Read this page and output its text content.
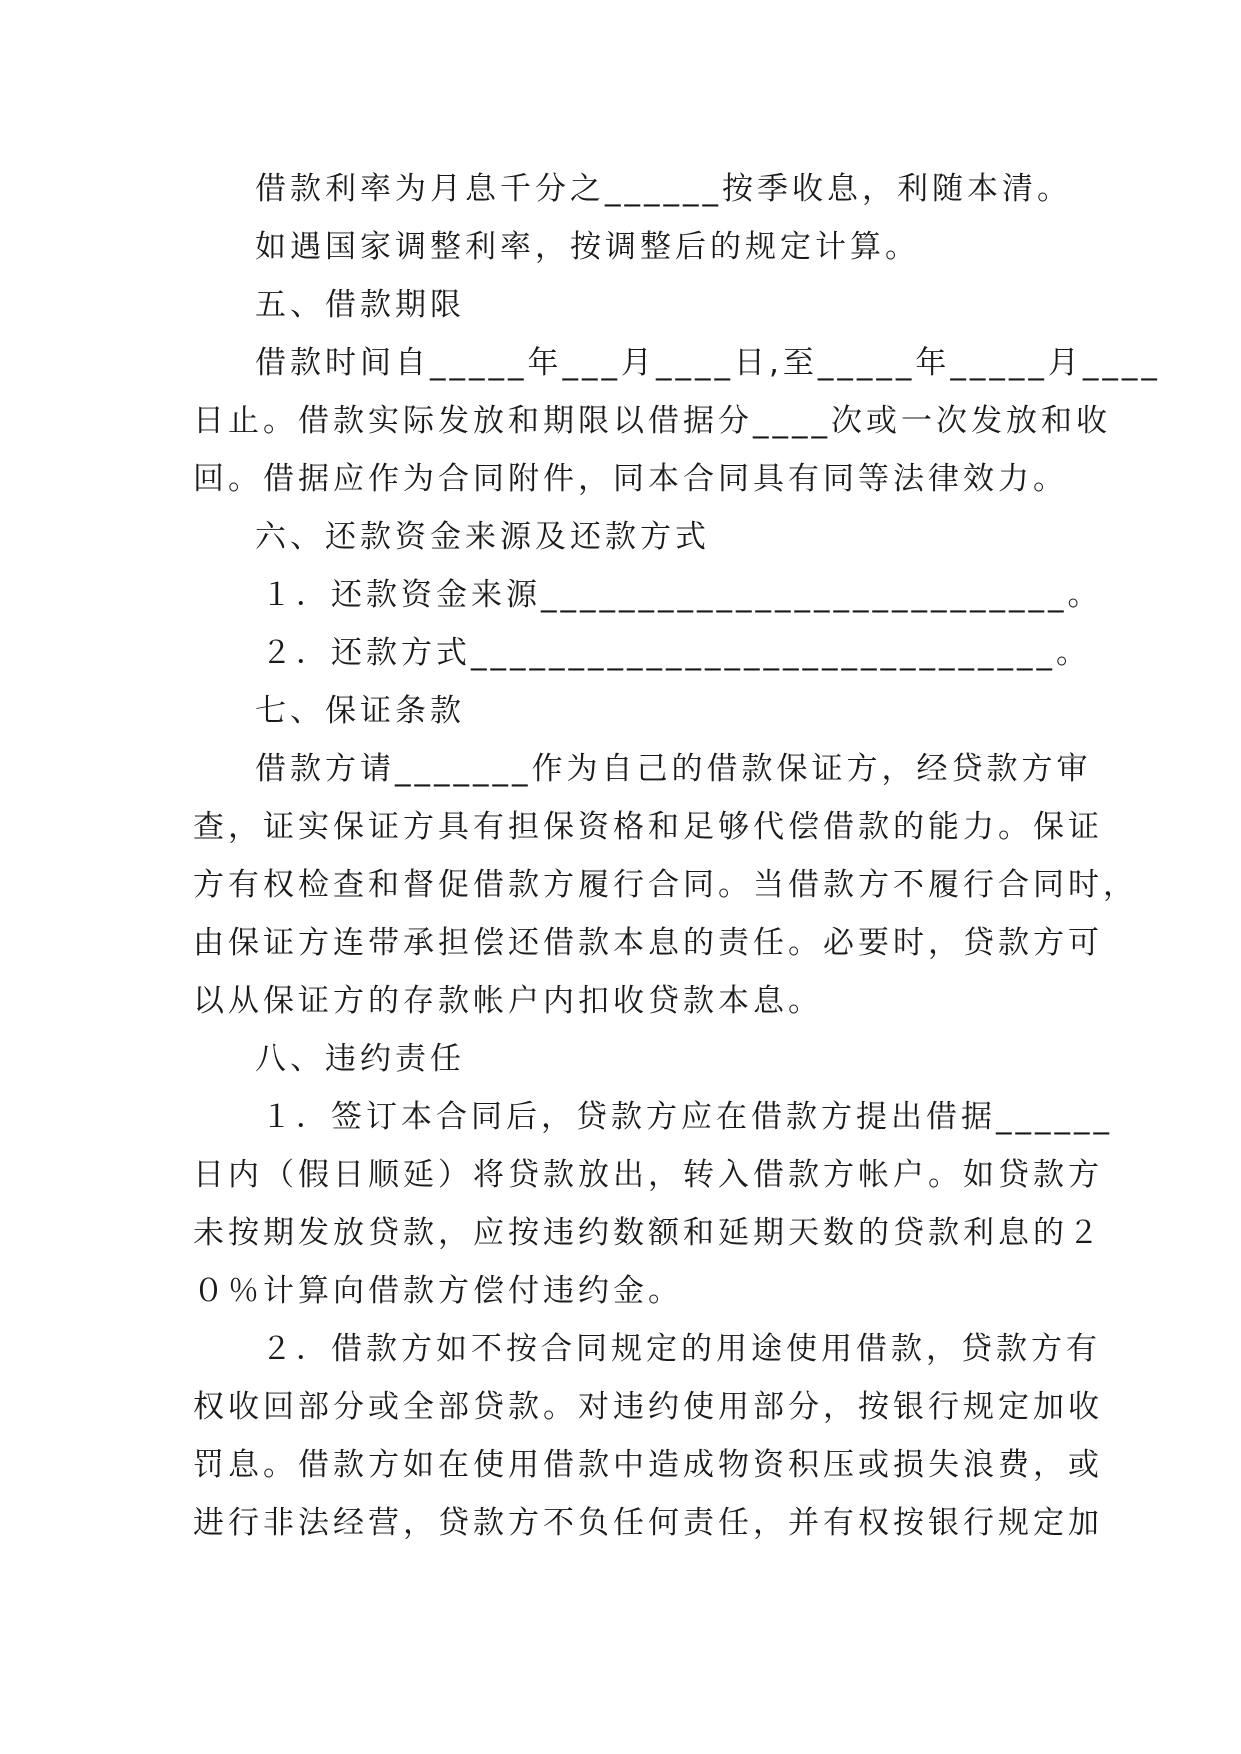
借款利率为月息千分之______按季收息，利随本清。
如遇国家调整利率，按调整后的规定计算。
五、借款期限
借款时间自_____年___月____日,至_____年_____月____
日止。借款实际发放和期限以借据分____次或一次发放和收
回。借据应作为合同附件，同本合同具有同等法律效力。
六、还款资金来源及还款方式
１．还款资金来源___________________________。
２．还款方式______________________________。
七、保证条款
借款方请_______作为自己的借款保证方，经贷款方审
查，证实保证方具有担保资格和足够代偿借款的能力。保证
方有权检查和督促借款方履行合同。当借款方不履行合同时，
由保证方连带承担偿还借款本息的责任。必要时，贷款方可
以从保证方的存款帐户内扣收贷款本息。
八、违约责任
１．签订本合同后，贷款方应在借款方提出借据______
日内（假日顺延）将贷款放出，转入借款方帐户。如贷款方
未按期发放贷款，应按违约数额和延期天数的贷款利息的２
０％计算向借款方偿付违约金。
２．借款方如不按合同规定的用途使用借款，贷款方有
权收回部分或全部贷款。对违约使用部分，按银行规定加收
罚息。借款方如在使用借款中造成物资积压或损失浪费，或
进行非法经营，贷款方不负任何责任，并有权按银行规定加
